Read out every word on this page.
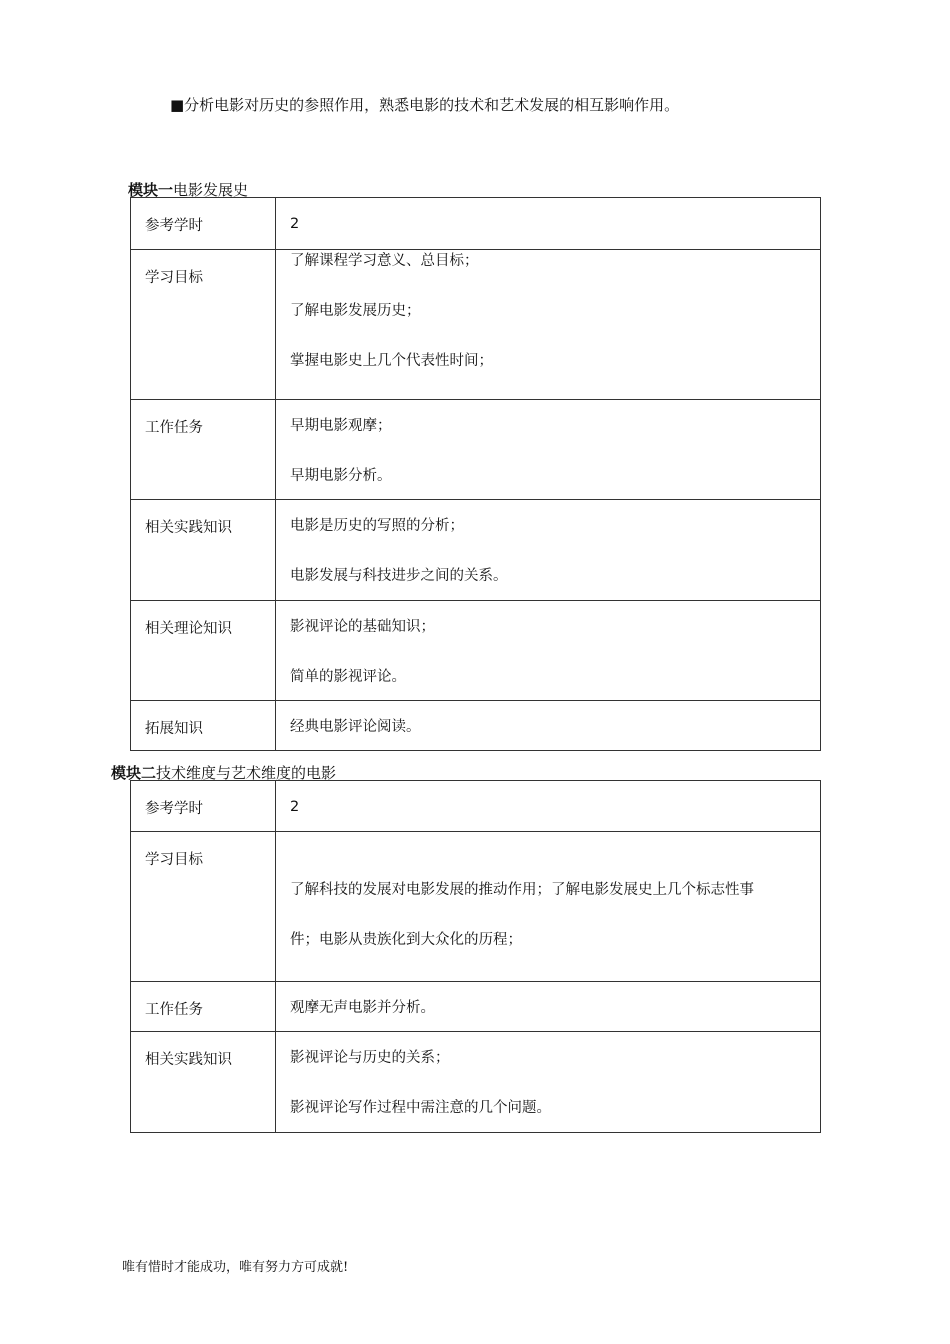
■分析电影对历史的参照作用，熟悉电影的技术和艺术发展的相互影响作用。
模块一电影发展史
参考学时	2

学习目标	了解课程学习意义、总目标；
了解电影发展历史；
掌握电影史上几个代表性时间；

工作任务	早期电影观摩；
早期电影分析。

相关实践知识	电影是历史的写照的分析；
电影发展与科技进步之间的关系。

相关理论知识	影视评论的基础知识；
简单的影视评论。

拓展知识	经典电影评论阅读。
模块二技术维度与艺术维度的电影
参考学时	2

学习目标	了解科技的发展对电影发展的推动作用；了解电影发展史上几个标志性事
件；电影从贵族化到大众化的历程；

工作任务	观摩无声电影并分析。

相关实践知识	影视评论与历史的关系；
影视评论写作过程中需注意的几个问题。
唯有惜时才能成功，唯有努力方可成就!
